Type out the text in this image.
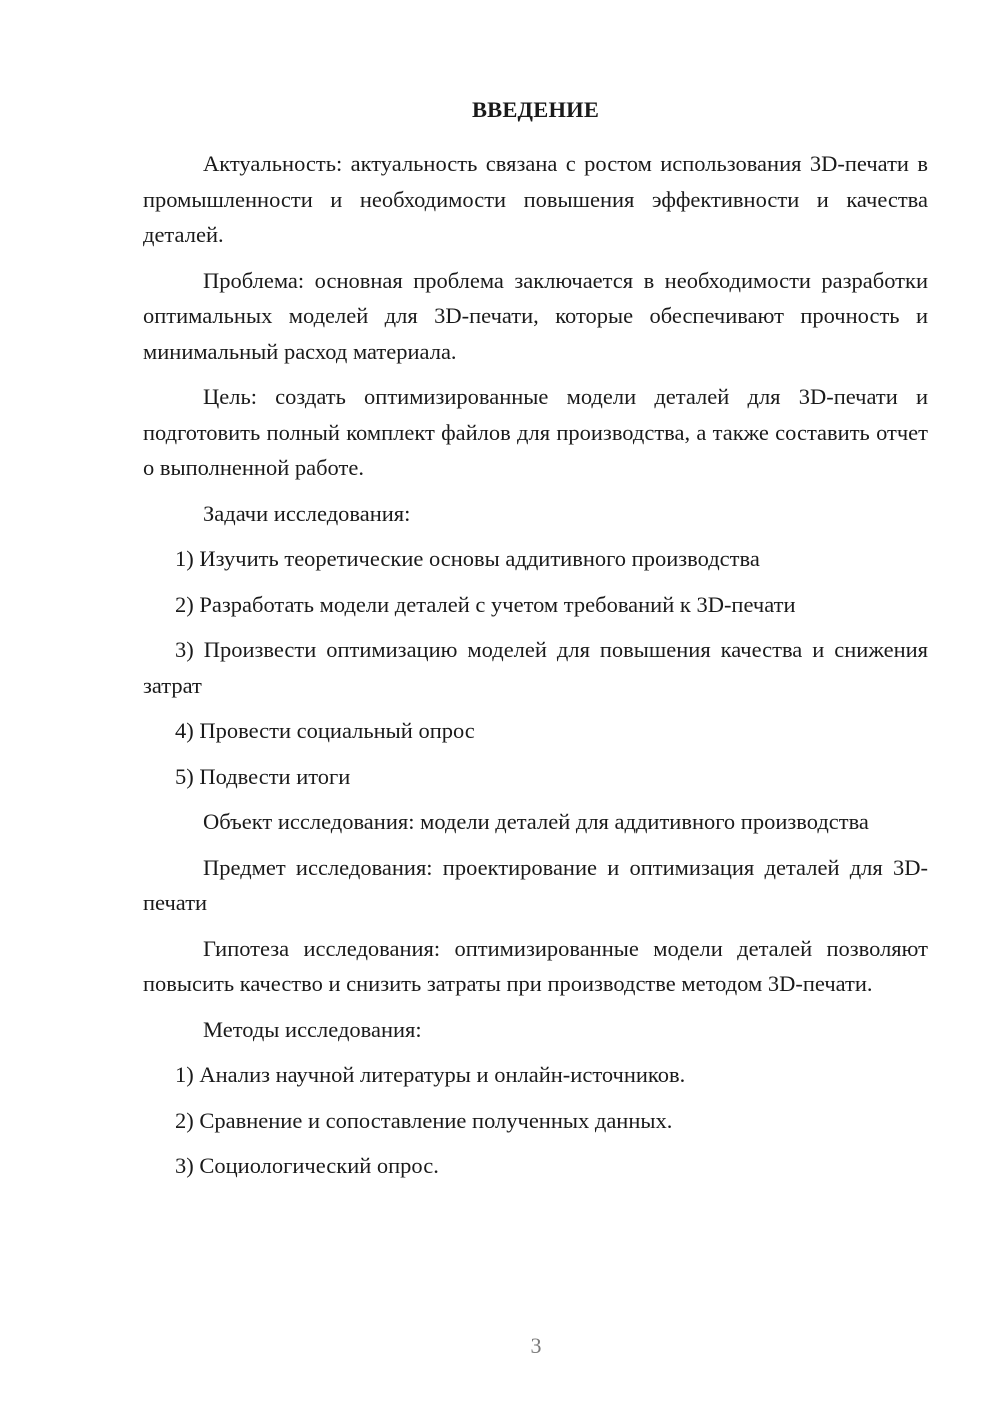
ВВЕДЕНИЕ

Актуальность: актуальность связана с ростом использования 3D-печати в промышленности и необходимости повышения эффективности и качества деталей.

Проблема: основная проблема заключается в необходимости разработки оптимальных моделей для 3D-печати, которые обеспечивают прочность и минимальный расход материала.

Цель: создать оптимизированные модели деталей для 3D-печати и подготовить полный комплект файлов для производства, а также составить отчет о выполненной работе.

Задачи исследования:

1) Изучить теоретические основы аддитивного производства

2) Разработать модели деталей с учетом требований к 3D-печати

3) Произвести оптимизацию моделей для повышения качества и снижения затрат

4) Провести социальный опрос

5) Подвести итоги

Объект исследования: модели деталей для аддитивного производства

Предмет исследования: проектирование и оптимизация деталей для 3D-печати

Гипотеза исследования: оптимизированные модели деталей позволяют повысить качество и снизить затраты при производстве методом 3D-печати.

Методы исследования:

1) Анализ научной литературы и онлайн-источников.

2) Сравнение и сопоставление полученных данных.

3) Социологический опрос.

3
